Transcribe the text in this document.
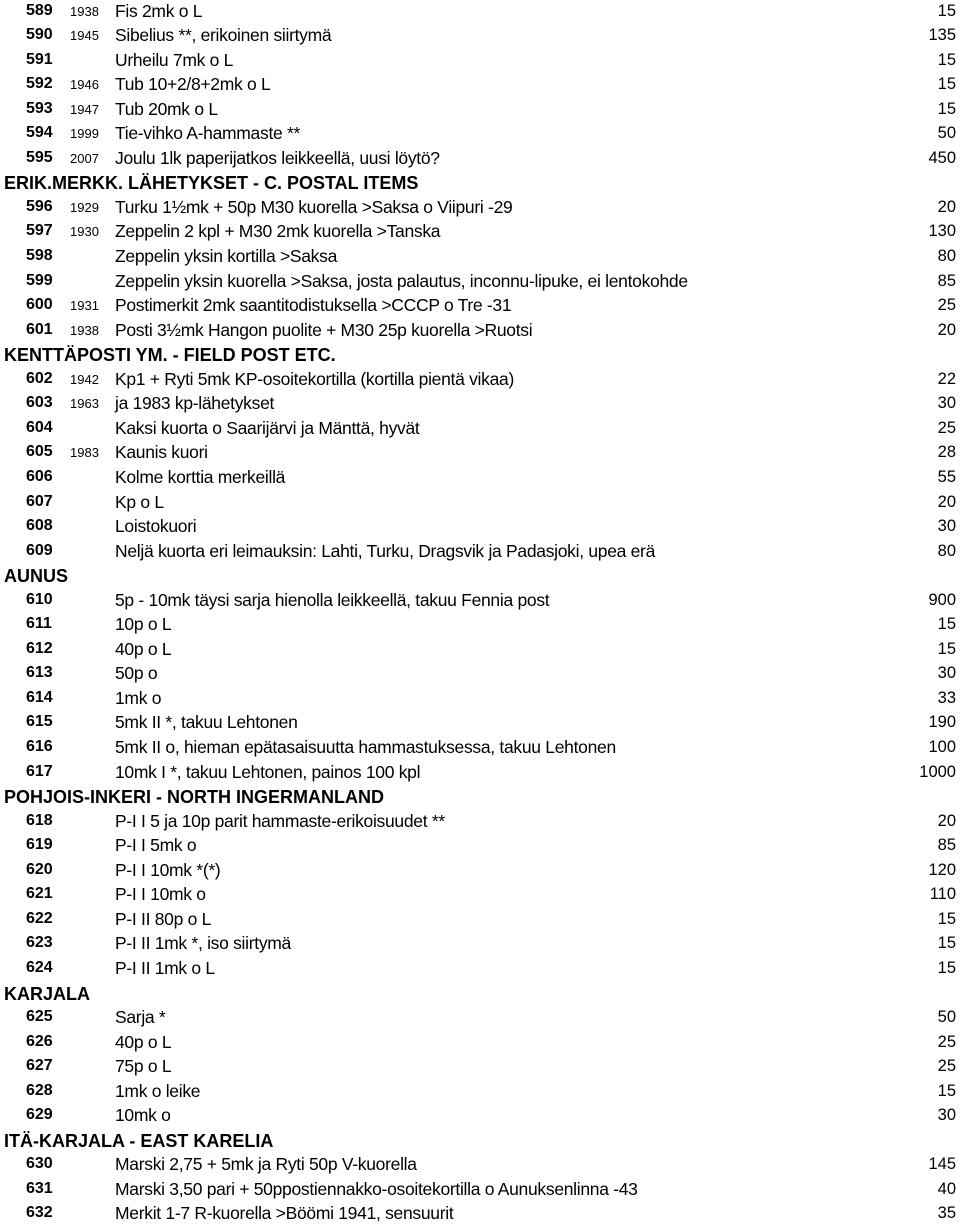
589	1938 Fis 2mk o L	15
590	1945 Sibelius **, erikoinen siirtymä	135
591	Urheilu 7mk o L	15
592	1946 Tub 10+2/8+2mk o L	15
593	1947 Tub 20mk o L	15
594	1999 Tie-vihko A-hammaste **	50
595	2007 Joulu 1lk paperijatkos leikkeellä, uusi löytö?	450
ERIK.MERKK. LÄHETYKSET - C. POSTAL ITEMS
596	1929 Turku 1½mk + 50p M30 kuorella >Saksa o Viipuri -29	20
597	1930 Zeppelin 2 kpl + M30 2mk kuorella >Tanska	130
598	Zeppelin yksin kortilla >Saksa	80
599	Zeppelin yksin kuorella >Saksa, josta palautus, inconnu-lipuke, ei lentokohde	85
600	1931 Postimerkit 2mk saantitodistuksella >CCCP o Tre -31	25
601	1938 Posti 3½mk Hangon puolite + M30 25p kuorella >Ruotsi	20
KENTTÄPOSTI YM. - FIELD POST ETC.
602	1942 Kp1 + Ryti 5mk KP-osoitekortilla (kortilla pientä vikaa)	22
603	1963 ja 1983 kp-lähetykset	30
604	Kaksi kuorta o Saarijärvi ja Mänttä, hyvät	25
605	1983 Kaunis kuori	28
606	Kolme korttia merkeillä	55
607	Kp o L	20
608	Loistokuori	30
609	Neljä kuorta eri leimauksin: Lahti, Turku, Dragsvik ja Padasjoki, upea erä	80
AUNUS
610	5p - 10mk täysi sarja hienolla leikkeellä, takuu Fennia post	900
611	10p o L	15
612	40p o L	15
613	50p o	30
614	1mk o	33
615	5mk II *, takuu Lehtonen	190
616	5mk II o, hieman epätasaisuutta hammastuksessa, takuu Lehtonen	100
617	10mk I *, takuu Lehtonen, painos 100 kpl	1000
POHJOIS-INKERI - NORTH INGERMANLAND
618	P-I I 5 ja 10p parit hammaste-erikoisuudet **	20
619	P-I I 5mk o	85
620	P-I I 10mk *(*)	120
621	P-I I 10mk o	110
622	P-I II 80p o L	15
623	P-I II 1mk *, iso siirtymä	15
624	P-I II 1mk o L	15
KARJALA
625	Sarja *	50
626	40p o L	25
627	75p o L	25
628	1mk o leike	15
629	10mk o	30
ITÄ-KARJALA - EAST KARELIA
630	Marski 2,75 + 5mk ja Ryti 50p V-kuorella	145
631	Marski 3,50 pari + 50ppostiennakko-osoitekortilla o Aunuksenlinna -43	40
632	Merkit 1-7 R-kuorella >Böömi 1941, sensuurit	35
